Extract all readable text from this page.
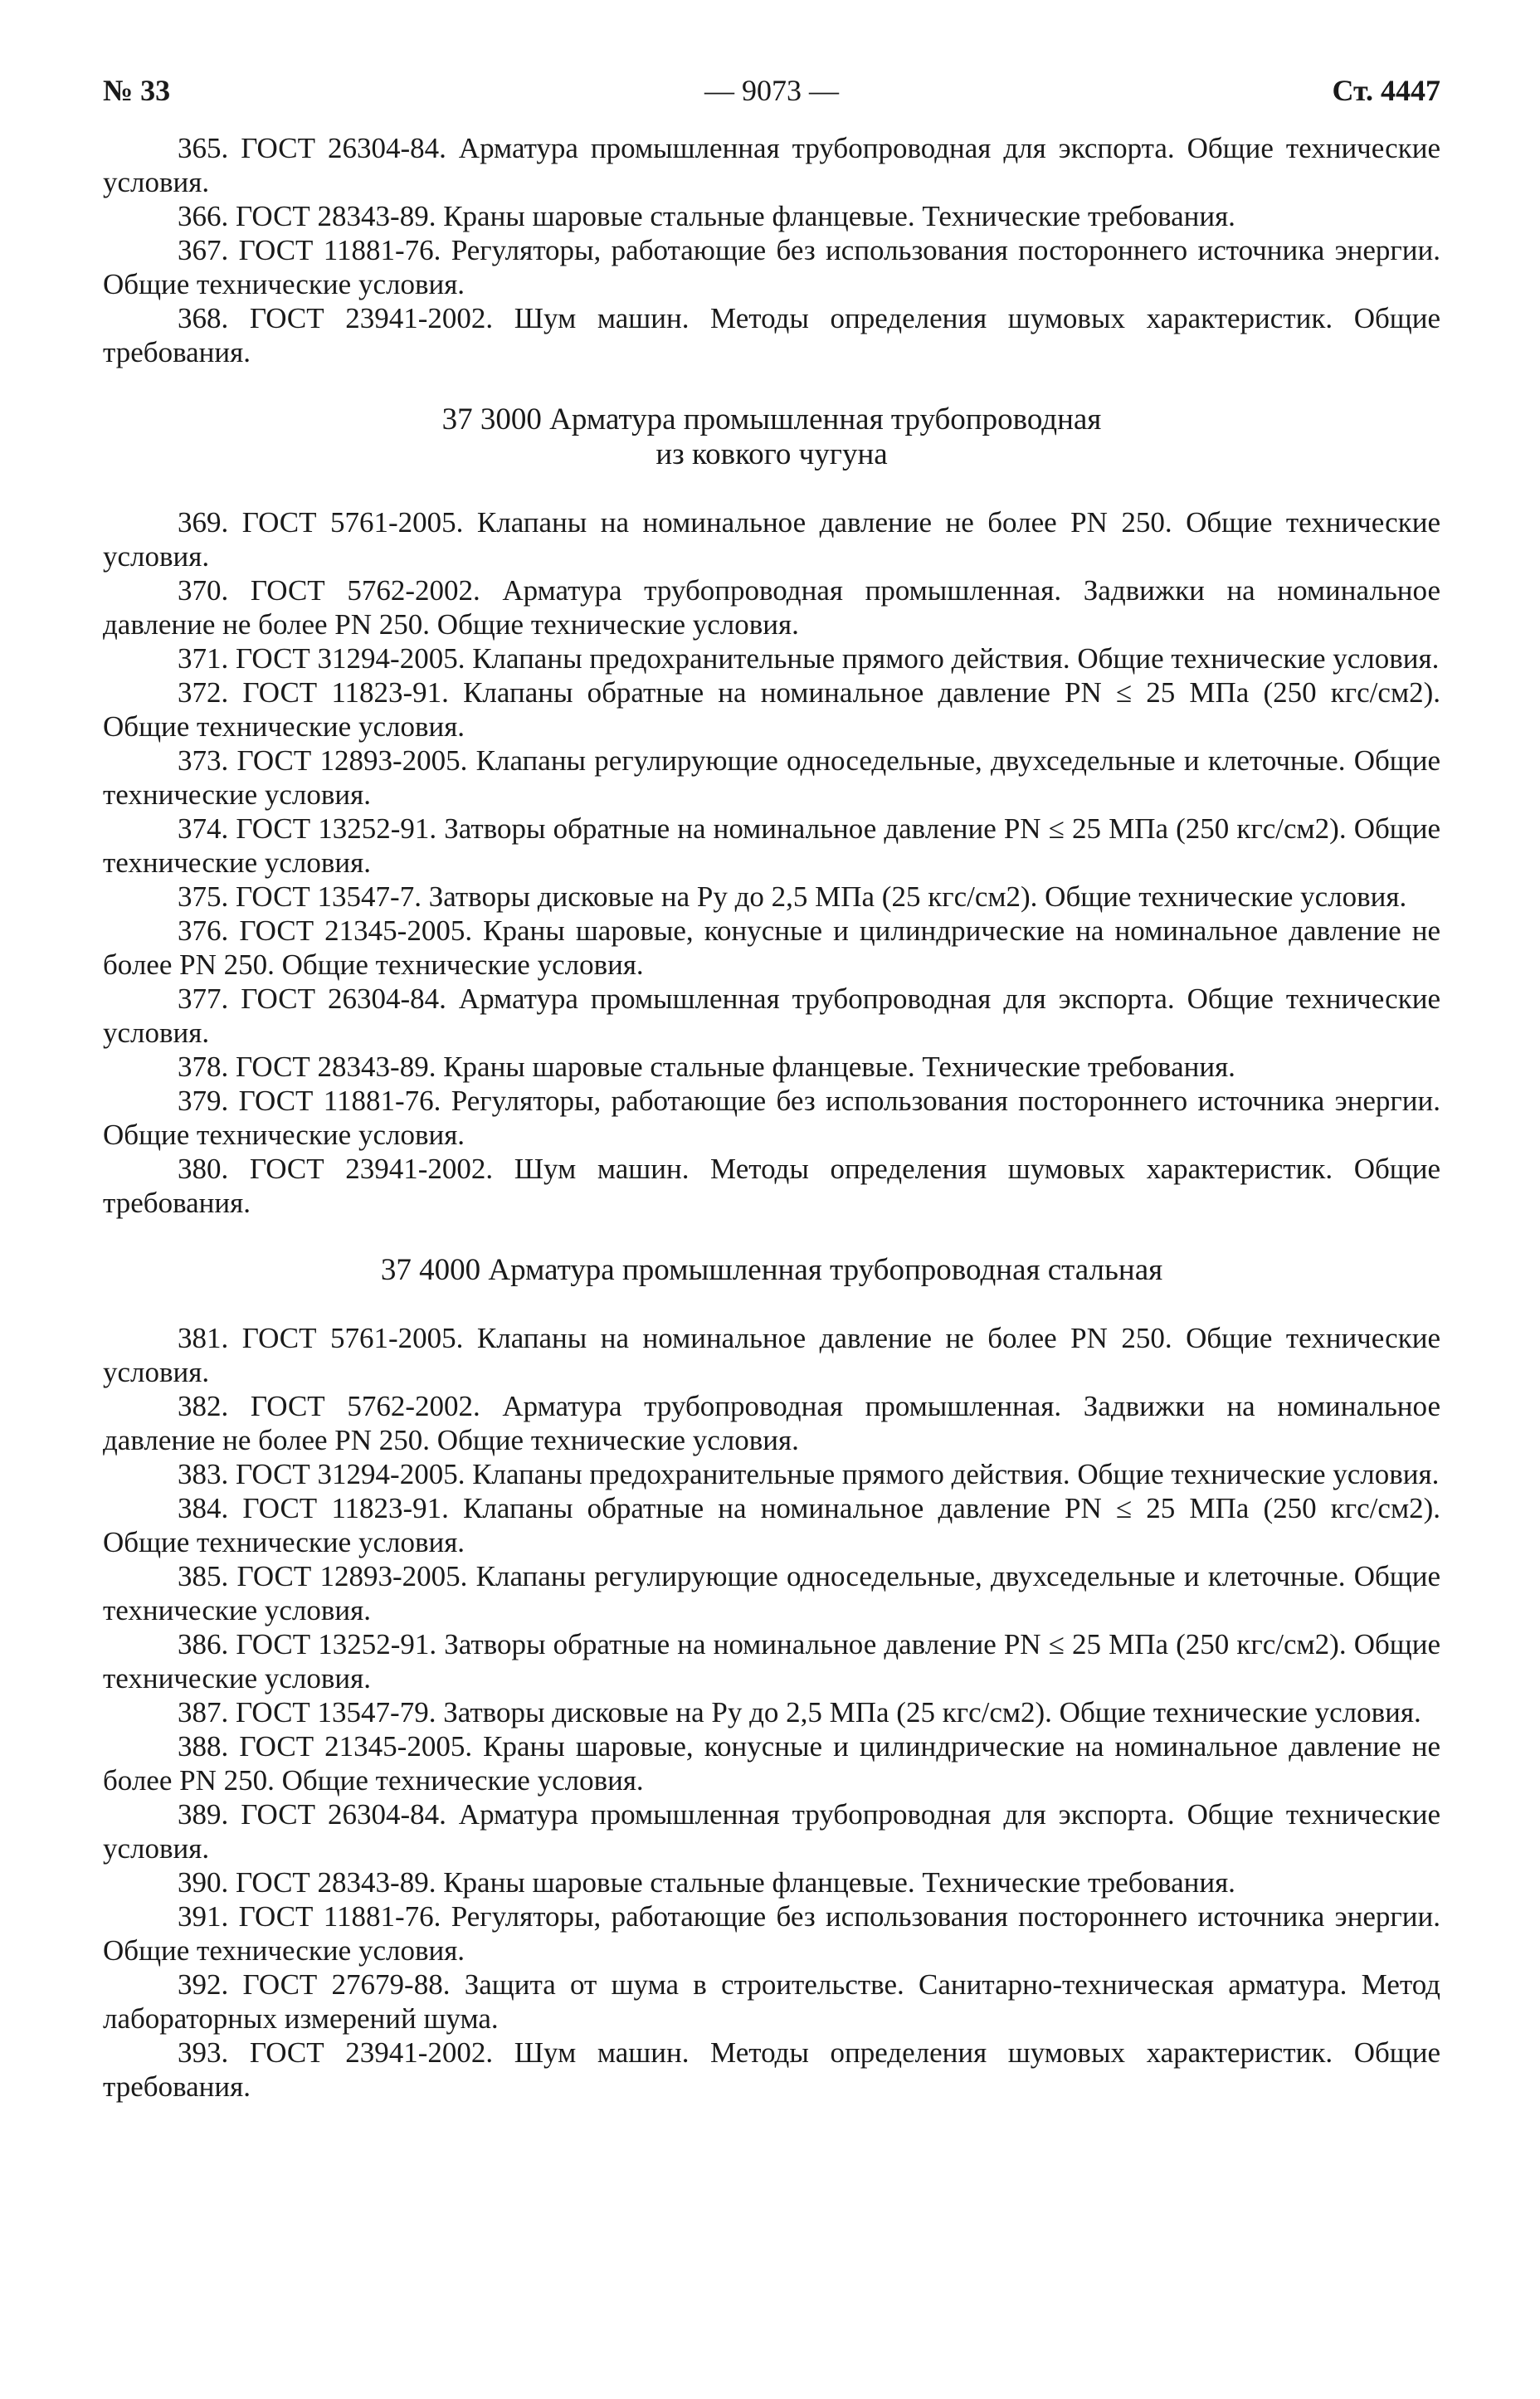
№ 33	— 9073 —	Ст. 4447

365. ГОСТ 26304-84. Арматура промышленная трубопроводная для экспорта. Общие технические условия.

366. ГОСТ 28343-89. Краны шаровые стальные фланцевые. Технические требования.

367. ГОСТ 11881-76. Регуляторы, работающие без использования постороннего источника энергии. Общие технические условия.

368. ГОСТ 23941-2002. Шум машин. Методы определения шумовых характеристик. Общие требования.

37 3000 Арматура промышленная трубопроводная
из ковкого чугуна

369. ГОСТ 5761-2005. Клапаны на номинальное давление не более PN 250. Общие технические условия.

370. ГОСТ 5762-2002. Арматура трубопроводная промышленная. Задвижки на номинальное давление не более PN 250. Общие технические условия.

371. ГОСТ 31294-2005. Клапаны предохранительные прямого действия. Общие технические условия.

372. ГОСТ 11823-91. Клапаны обратные на номинальное давление PN ≤ 25 МПа (250 кгс/см2). Общие технические условия.

373. ГОСТ 12893-2005. Клапаны регулирующие односедельные, двухседельные и клеточные. Общие технические условия.

374. ГОСТ 13252-91. Затворы обратные на номинальное давление PN ≤ 25 МПа (250 кгс/см2). Общие технические условия.

375. ГОСТ 13547-7. Затворы дисковые на Py до 2,5 МПа (25 кгс/см2). Общие технические условия.

376. ГОСТ 21345-2005. Краны шаровые, конусные и цилиндрические на номинальное давление не более PN 250. Общие технические условия.

377. ГОСТ 26304-84. Арматура промышленная трубопроводная для экспорта. Общие технические условия.

378. ГОСТ 28343-89. Краны шаровые стальные фланцевые. Технические требования.

379. ГОСТ 11881-76. Регуляторы, работающие без использования постороннего источника энергии. Общие технические условия.

380. ГОСТ 23941-2002. Шум машин. Методы определения шумовых характеристик. Общие требования.

37 4000 Арматура промышленная трубопроводная стальная

381. ГОСТ 5761-2005. Клапаны на номинальное давление не более PN 250. Общие технические условия.

382. ГОСТ 5762-2002. Арматура трубопроводная промышленная. Задвижки на номинальное давление не более PN 250. Общие технические условия.

383. ГОСТ 31294-2005. Клапаны предохранительные прямого действия. Общие технические условия.

384. ГОСТ 11823-91. Клапаны обратные на номинальное давление PN ≤ 25 МПа (250 кгс/см2). Общие технические условия.

385. ГОСТ 12893-2005. Клапаны регулирующие односедельные, двухседельные и клеточные. Общие технические условия.

386. ГОСТ 13252-91. Затворы обратные на номинальное давление PN ≤ 25 МПа (250 кгс/см2). Общие технические условия.

387. ГОСТ 13547-79. Затворы дисковые на Py до 2,5 МПа (25 кгс/см2). Общие технические условия.

388. ГОСТ 21345-2005. Краны шаровые, конусные и цилиндрические на номинальное давление не более PN 250. Общие технические условия.

389. ГОСТ 26304-84. Арматура промышленная трубопроводная для экспорта. Общие технические условия.

390. ГОСТ 28343-89. Краны шаровые стальные фланцевые. Технические требования.

391. ГОСТ 11881-76. Регуляторы, работающие без использования постороннего источника энергии. Общие технические условия.

392. ГОСТ 27679-88. Защита от шума в строительстве. Санитарно-техническая арматура. Метод лабораторных измерений шума.

393. ГОСТ 23941-2002. Шум машин. Методы определения шумовых характеристик. Общие требования.
